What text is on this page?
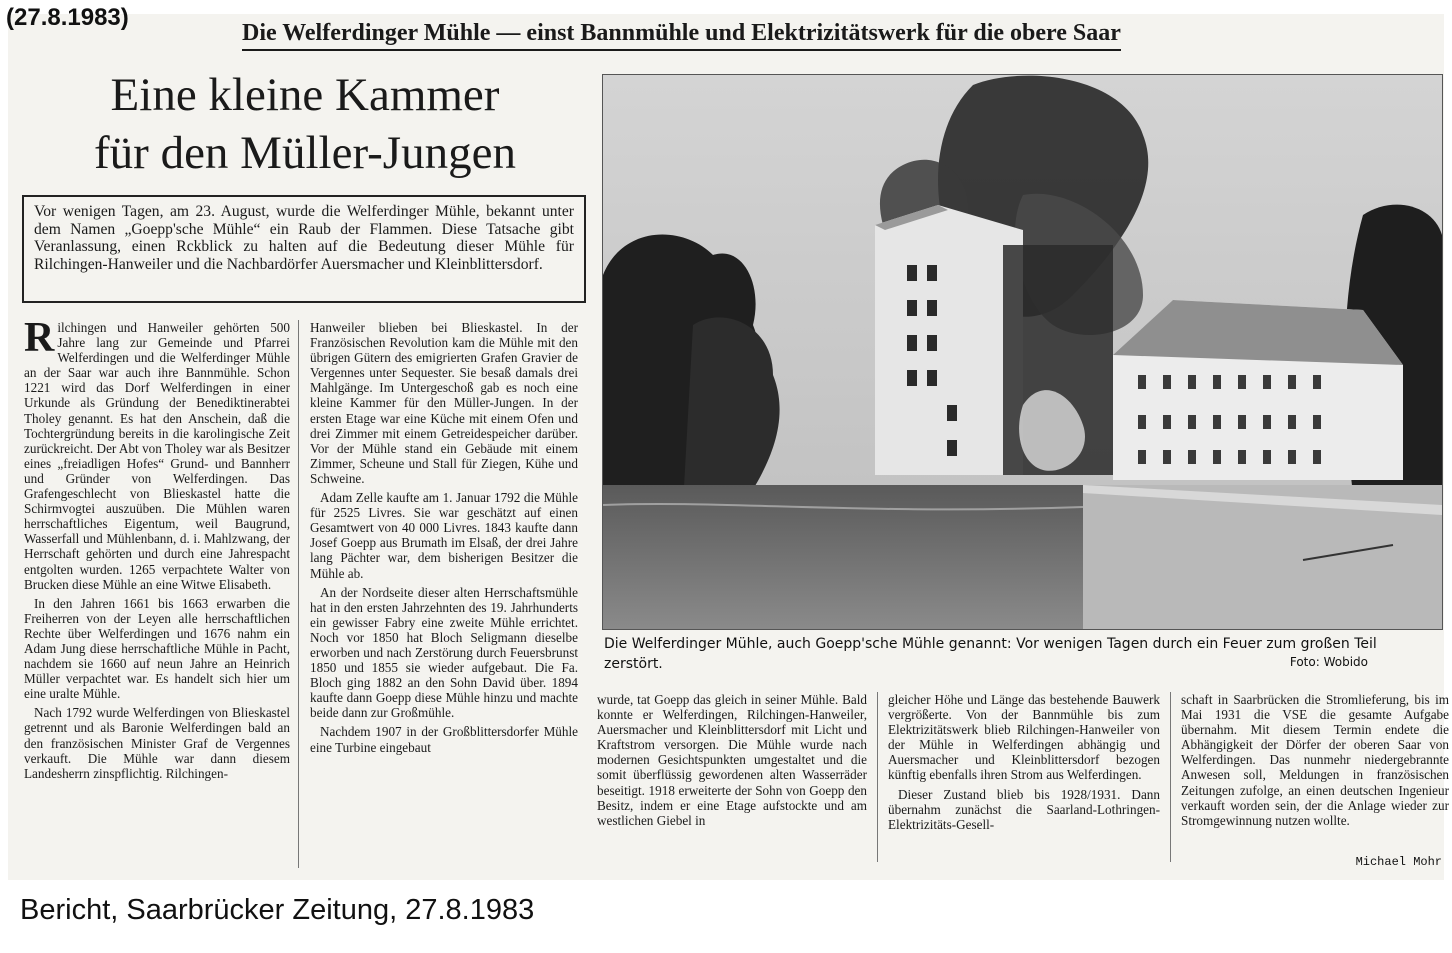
(27.8.1983)
Die Welferdinger Mühle — einst Bannmühle und Elektrizitätswerk für die obere Saar
Eine kleine Kammer
für den Müller-Jungen
Vor wenigen Tagen, am 23. August, wurde die Welferdinger Mühle, bekannt unter dem Namen „Goepp'sche Mühle“ ein Raub der Flammen. Diese Tatsache gibt Veranlassung, einen Rckblick zu halten auf die Bedeutung dieser Mühle für Rilchingen-Hanweiler und die Nachbardörfer Auersmacher und Kleinblittersdorf.

Rilchingen und Hanweiler gehörten 500 Jahre lang zur Gemeinde und Pfarrei Welferdingen und die Welferdinger Mühle an der Saar war auch ihre Bannmühle. Schon 1221 wird das Dorf Welferdingen in einer Urkunde als Gründung der Benediktinerabtei Tholey genannt. Es hat den Anschein, daß die Tochtergründung bereits in die karolingische Zeit zurückreicht. Der Abt von Tholey war als Besitzer eines „freiadligen Hofes“ Grund- und Bannherr und Gründer von Welferdingen. Das Grafengeschlecht von Blieskastel hatte die Schirmvogtei auszuüben. Die Mühlen waren herrschaftliches Eigentum, weil Baugrund, Wasserfall und Mühlenbann, d. i. Mahlzwang, der Herrschaft gehörten und durch eine Jahrespacht entgolten wurden. 1265 verpachtete Walter von Brucken diese Mühle an eine Witwe Elisabeth.

In den Jahren 1661 bis 1663 erwarben die Freiherren von der Leyen alle herrschaftlichen Rechte über Welferdingen und 1676 nahm ein Adam Jung diese herrschaftliche Mühle in Pacht, nachdem sie 1660 auf neun Jahre an Heinrich Müller verpachtet war. Es handelt sich hier um eine uralte Mühle.

Nach 1792 wurde Welferdingen von Blieskastel getrennt und als Baronie Welferdingen bald an den französischen Minister Graf de Vergennes verkauft. Die Mühle war dann diesem Landesherrn zinspflichtig. Rilchingen-

Hanweiler blieben bei Blieskastel. In der Französischen Revolution kam die Mühle mit den übrigen Gütern des emigrierten Grafen Gravier de Vergennes unter Sequester. Sie besaß damals drei Mahlgänge. Im Untergeschoß gab es noch eine kleine Kammer für den Müller-Jungen. In der ersten Etage war eine Küche mit einem Ofen und drei Zimmer mit einem Getreidespeicher darüber. Vor der Mühle stand ein Gebäude mit einem Zimmer, Scheune und Stall für Ziegen, Kühe und Schweine.

Adam Zelle kaufte am 1. Januar 1792 die Mühle für 2525 Livres. Sie war geschätzt auf einen Gesamtwert von 40 000 Livres. 1843 kaufte dann Josef Goepp aus Brumath im Elsaß, der drei Jahre lang Pächter war, dem bisherigen Besitzer die Mühle ab.

An der Nordseite dieser alten Herrschaftsmühle hat in den ersten Jahrzehnten des 19. Jahrhunderts ein gewisser Fabry eine zweite Mühle errichtet. Noch vor 1850 hat Bloch Seligmann dieselbe erworben und nach Zerstörung durch Feuersbrunst 1850 und 1855 sie wieder aufgebaut. Die Fa. Bloch ging 1882 an den Sohn David über. 1894 kaufte dann Goepp diese Mühle hinzu und machte beide dann zur Großmühle.

Nachdem 1907 in der Großblittersdorfer Mühle eine Turbine eingebaut

Die Welferdinger Mühle, auch Goepp'sche Mühle genannt: Vor wenigen Tagen durch ein Feuer zum großen Teil zerstört.	Foto: Wobido

wurde, tat Goepp das gleich in seiner Mühle. Bald konnte er Welferdingen, Rilchingen-Hanweiler, Auersmacher und Kleinblittersdorf mit Licht und Kraftstrom versorgen. Die Mühle wurde nach modernen Gesichtspunkten umgestaltet und die somit überflüssig gewordenen alten Wasserräder beseitigt. 1918 erweiterte der Sohn von Goepp den Besitz, indem er eine Etage aufstockte und am westlichen Giebel in

gleicher Höhe und Länge das bestehende Bauwerk vergrößerte. Von der Bannmühle bis zum Elektrizitätswerk blieb Rilchingen-Hanweiler von der Mühle in Welferdingen abhängig und Auersmacher und Kleinblittersdorf bezogen künftig ebenfalls ihren Strom aus Welferdingen.

Dieser Zustand blieb bis 1928/1931. Dann übernahm zunächst die Saarland-Lothringen-Elektrizitäts-Gesell-

schaft in Saarbrücken die Stromlieferung, bis im Mai 1931 die VSE die gesamte Aufgabe übernahm. Mit diesem Termin endete die Abhängigkeit der Dörfer der oberen Saar von Welferdingen. Das nunmehr niedergebrannte Anwesen soll, Meldungen in französischen Zeitungen zufolge, an einen deutschen Ingenieur verkauft worden sein, der die Anlage wieder zur Stromgewinnung nutzen wollte.

Michael Mohr
Bericht, Saarbrücker Zeitung, 27.8.1983
